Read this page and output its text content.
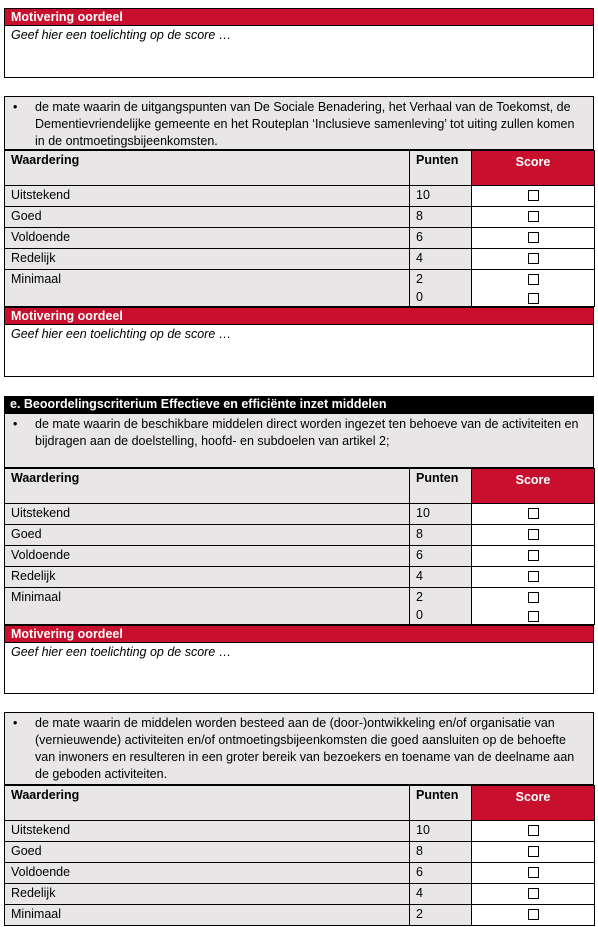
Motivering oordeel
Geef hier een toelichting op de score …
• de mate waarin de uitgangspunten van De Sociale Benadering, het Verhaal van de Toekomst, de Dementievriendelijke gemeente en het Routeplan ‘Inclusieve samenleving’ tot uiting zullen komen in de ontmoetingsbijeenkomsten.
Waardering	Punten	Score

Uitstekend	10	
Goed	8	
Voldoende	6	
Redelijk	4	
Minimaal	2
0	

Motivering oordeel
Geef hier een toelichting op de score …
e. Beoordelingscriterium Effectieve en efficiënte inzet middelen
• de mate waarin de beschikbare middelen direct worden ingezet ten behoeve van de activiteiten en bijdragen aan de doelstelling, hoofd- en subdoelen van artikel 2;
Waardering	Punten	Score

Uitstekend	10	
Goed	8	
Voldoende	6	
Redelijk	4	
Minimaal	2
0	

Motivering oordeel
Geef hier een toelichting op de score …
• de mate waarin de middelen worden besteed aan de (door-)ontwikkeling en/of organisatie van (vernieuwende) activiteiten en/of ontmoetingsbijeenkomsten die goed aansluiten op de behoefte van inwoners en resulteren in een groter bereik van bezoekers en toename van de deelname aan de geboden activiteiten.
Waardering	Punten	Score

Uitstekend	10	
Goed	8	
Voldoende	6	
Redelijk	4	
Minimaal	2	
